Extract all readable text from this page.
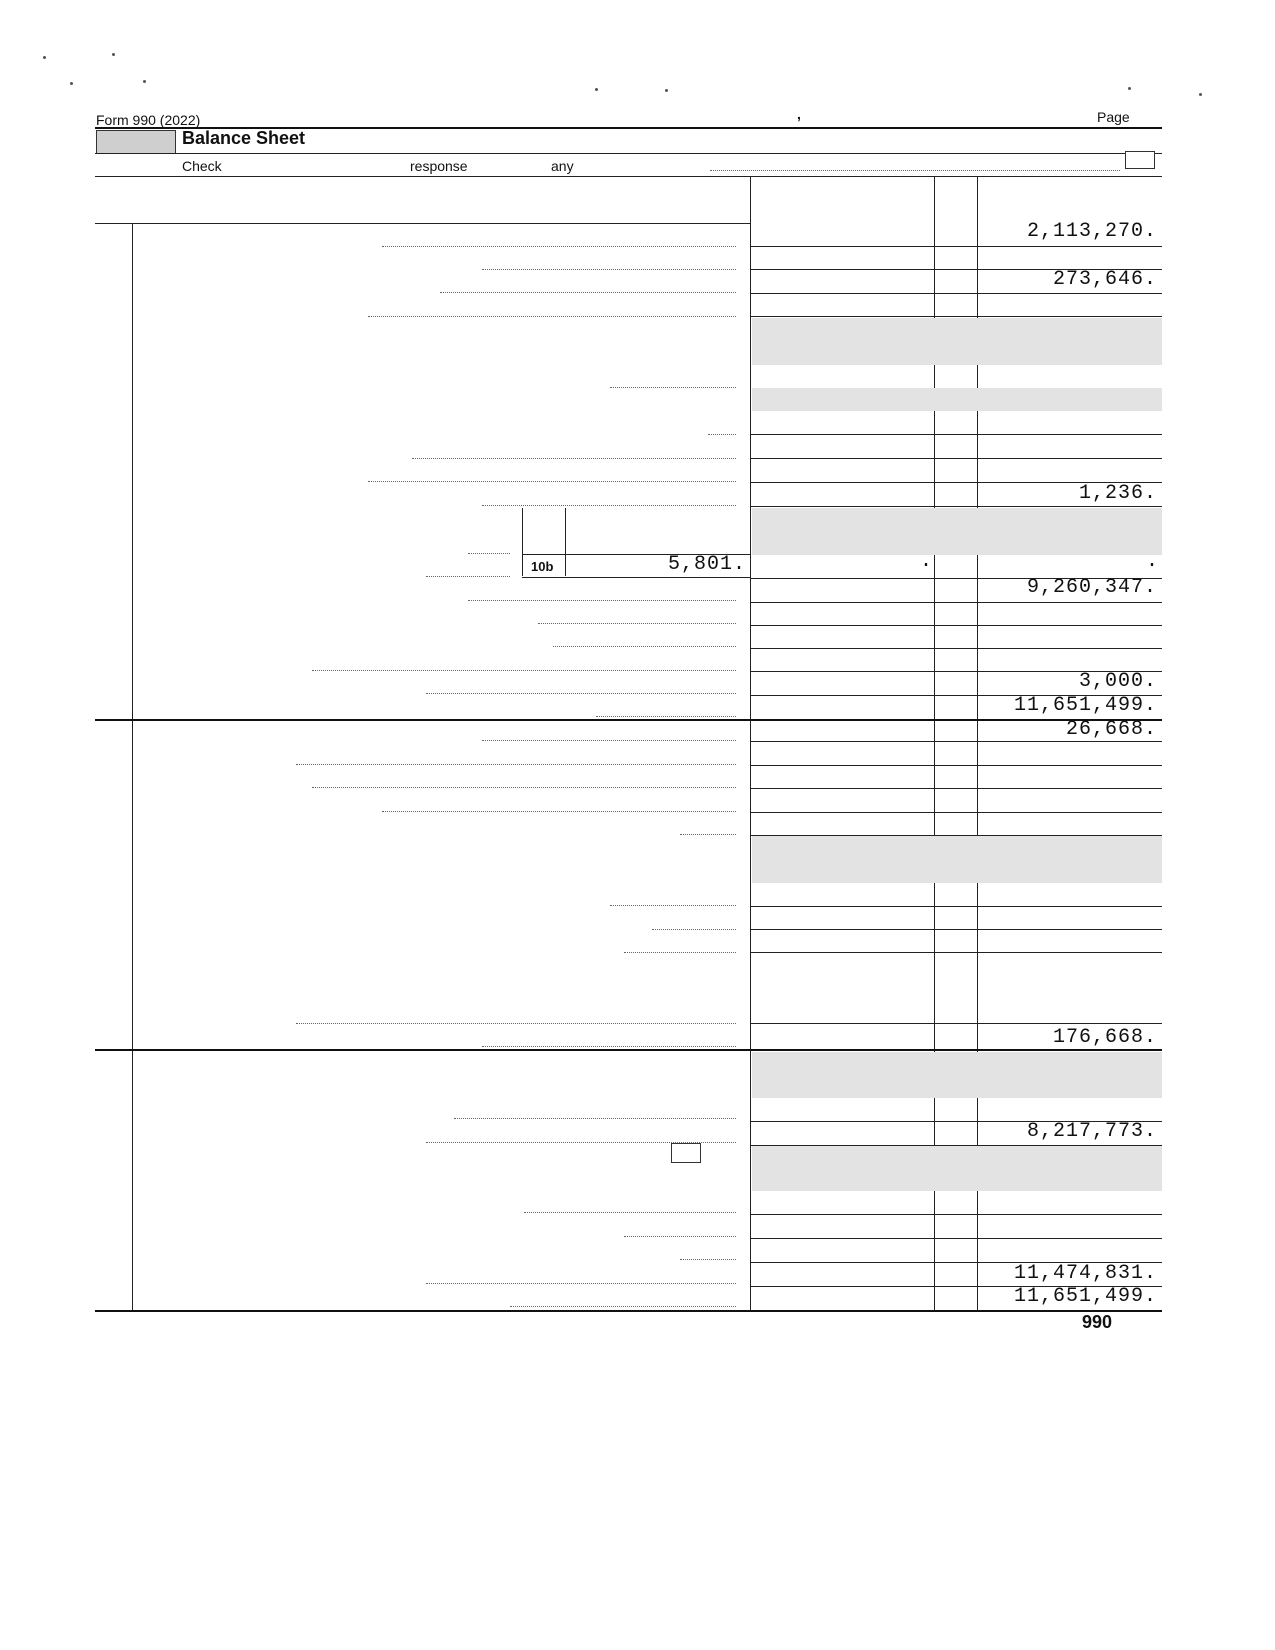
Form 990 (2022)	,	Page
Balance Sheet
Check	response	any
10b	5,801.
2,113,270.
273,646.
1,236.
.	.
9,260,347.
3,000.
11,651,499.
26,668.
176,668.
8,217,773.
11,474,831.
11,651,499.
990
